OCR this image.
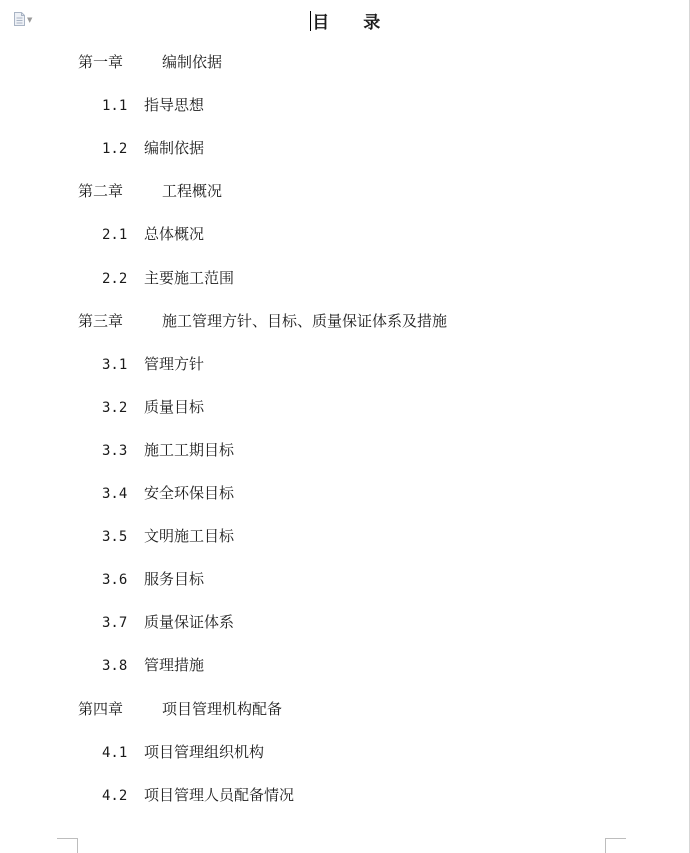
▼	目　　录
第一章	编制依据
1.1 指导思想
1.2 编制依据
第二章	工程概况
2.1 总体概况
2.2 主要施工范围
第三章	施工管理方针、目标、质量保证体系及措施
3.1 管理方针
3.2 质量目标
3.3 施工工期目标
3.4 安全环保目标
3.5 文明施工目标
3.6 服务目标
3.7 质量保证体系
3.8 管理措施
第四章	项目管理机构配备
4.1 项目管理组织机构
4.2 项目管理人员配备情况
